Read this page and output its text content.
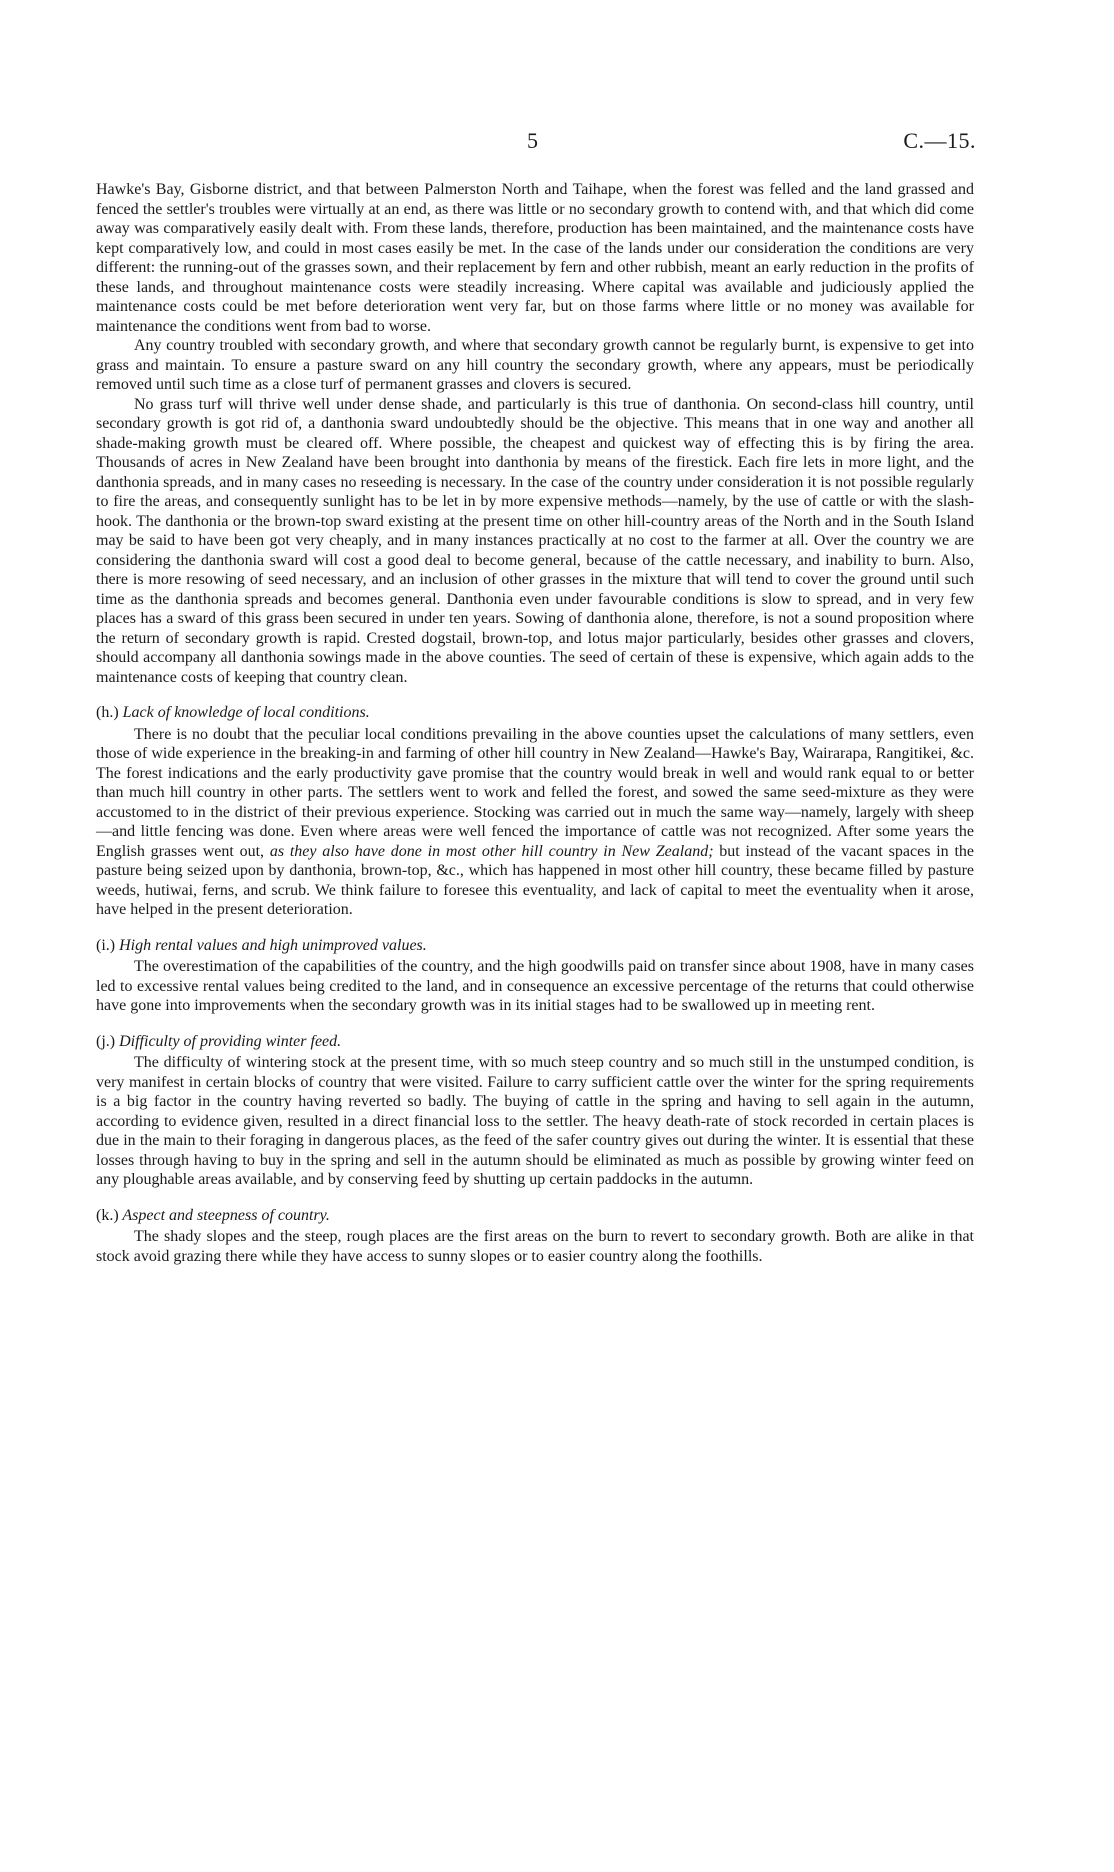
5	C.—15.

Hawke's Bay, Gisborne district, and that between Palmerston North and Taihape, when the forest was felled and the land grassed and fenced the settler's troubles were virtually at an end, as there was little or no secondary growth to contend with, and that which did come away was comparatively easily dealt with. From these lands, therefore, production has been maintained, and the maintenance costs have kept comparatively low, and could in most cases easily be met. In the case of the lands under our consideration the conditions are very different: the running-out of the grasses sown, and their replacement by fern and other rubbish, meant an early reduction in the profits of these lands, and throughout maintenance costs were steadily increasing. Where capital was available and judiciously applied the maintenance costs could be met before deterioration went very far, but on those farms where little or no money was available for maintenance the conditions went from bad to worse.

Any country troubled with secondary growth, and where that secondary growth cannot be regularly burnt, is expensive to get into grass and maintain. To ensure a pasture sward on any hill country the secondary growth, where any appears, must be periodically removed until such time as a close turf of permanent grasses and clovers is secured.

No grass turf will thrive well under dense shade, and particularly is this true of danthonia. On second-class hill country, until secondary growth is got rid of, a danthonia sward undoubtedly should be the objective. This means that in one way and another all shade-making growth must be cleared off. Where possible, the cheapest and quickest way of effecting this is by firing the area. Thousands of acres in New Zealand have been brought into danthonia by means of the firestick. Each fire lets in more light, and the danthonia spreads, and in many cases no reseeding is necessary. In the case of the country under consideration it is not possible regularly to fire the areas, and consequently sunlight has to be let in by more expensive methods—namely, by the use of cattle or with the slash-hook. The danthonia or the brown-top sward existing at the present time on other hill-country areas of the North and in the South Island may be said to have been got very cheaply, and in many instances practically at no cost to the farmer at all. Over the country we are considering the danthonia sward will cost a good deal to become general, because of the cattle necessary, and inability to burn. Also, there is more resowing of seed necessary, and an inclusion of other grasses in the mixture that will tend to cover the ground until such time as the danthonia spreads and becomes general. Danthonia even under favourable conditions is slow to spread, and in very few places has a sward of this grass been secured in under ten years. Sowing of danthonia alone, therefore, is not a sound proposition where the return of secondary growth is rapid. Crested dogstail, brown-top, and lotus major particularly, besides other grasses and clovers, should accompany all danthonia sowings made in the above counties. The seed of certain of these is expensive, which again adds to the maintenance costs of keeping that country clean.

(h.) Lack of knowledge of local conditions.

There is no doubt that the peculiar local conditions prevailing in the above counties upset the calculations of many settlers, even those of wide experience in the breaking-in and farming of other hill country in New Zealand—Hawke's Bay, Wairarapa, Rangitikei, &c. The forest indications and the early productivity gave promise that the country would break in well and would rank equal to or better than much hill country in other parts. The settlers went to work and felled the forest, and sowed the same seed-mixture as they were accustomed to in the district of their previous experience. Stocking was carried out in much the same way—namely, largely with sheep—and little fencing was done. Even where areas were well fenced the importance of cattle was not recognized. After some years the English grasses went out, as they also have done in most other hill country in New Zealand; but instead of the vacant spaces in the pasture being seized upon by danthonia, brown-top, &c., which has happened in most other hill country, these became filled by pasture weeds, hutiwai, ferns, and scrub. We think failure to foresee this eventuality, and lack of capital to meet the eventuality when it arose, have helped in the present deterioration.

(i.) High rental values and high unimproved values.

The overestimation of the capabilities of the country, and the high goodwills paid on transfer since about 1908, have in many cases led to excessive rental values being credited to the land, and in consequence an excessive percentage of the returns that could otherwise have gone into improvements when the secondary growth was in its initial stages had to be swallowed up in meeting rent.

(j.) Difficulty of providing winter feed.

The difficulty of wintering stock at the present time, with so much steep country and so much still in the unstumped condition, is very manifest in certain blocks of country that were visited. Failure to carry sufficient cattle over the winter for the spring requirements is a big factor in the country having reverted so badly. The buying of cattle in the spring and having to sell again in the autumn, according to evidence given, resulted in a direct financial loss to the settler. The heavy death-rate of stock recorded in certain places is due in the main to their foraging in dangerous places, as the feed of the safer country gives out during the winter. It is essential that these losses through having to buy in the spring and sell in the autumn should be eliminated as much as possible by growing winter feed on any ploughable areas available, and by conserving feed by shutting up certain paddocks in the autumn.

(k.) Aspect and steepness of country.

The shady slopes and the steep, rough places are the first areas on the burn to revert to secondary growth. Both are alike in that stock avoid grazing there while they have access to sunny slopes or to easier country along the foothills.
